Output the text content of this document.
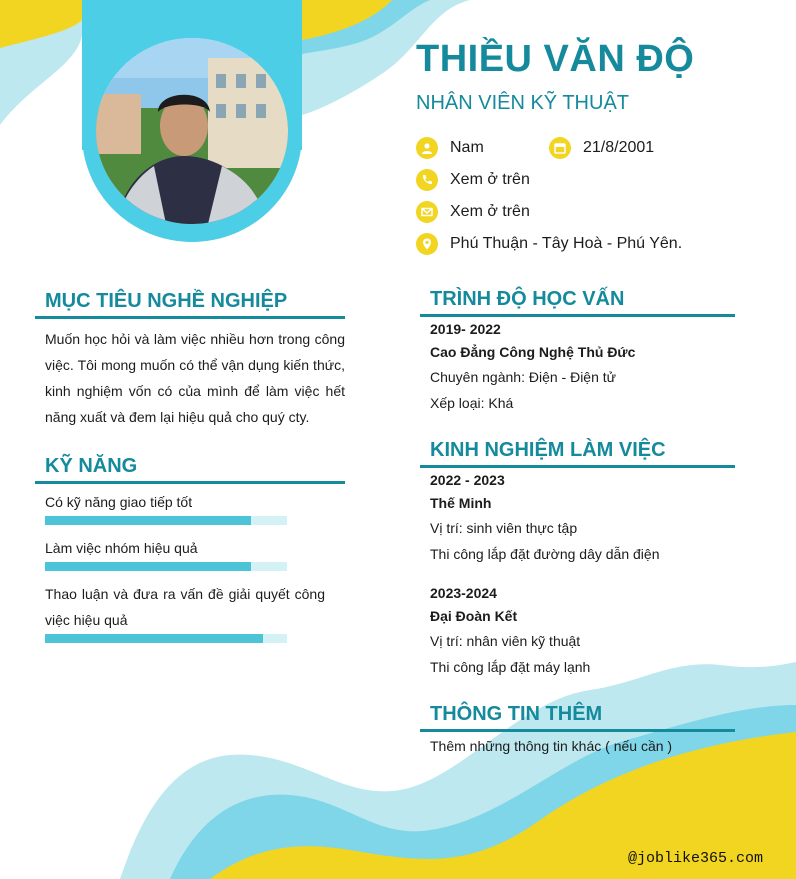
THIỀU VĂN ĐỘ
NHÂN VIÊN KỸ THUẬT
Nam	21/8/2001
Xem ở trên
Xem ở trên
Phú Thuận - Tây Hoà - Phú Yên.
MỤC TIÊU NGHỀ NGHIỆP
Muốn học hỏi và làm việc nhiều hơn trong công việc. Tôi mong muốn có thể vận dụng kiến thức, kinh nghiệm vốn có của mình để làm việc hết năng xuất và đem lại hiệu quả cho quý cty.
KỸ NĂNG
Có kỹ năng giao tiếp tốt
Làm việc nhóm hiệu quả
Thao luận và đưa ra vấn đề giải quyết công việc hiệu quả
TRÌNH ĐỘ HỌC VẤN
2019- 2022
Cao Đẳng Công Nghệ Thủ Đức
Chuyên ngành: Điện - Điện tử
Xếp loại: Khá
KINH NGHIỆM LÀM VIỆC
2022 - 2023
Thế Minh
Vị trí: sinh viên thực tập
Thi công lắp đặt đường dây dẫn điện
2023-2024
Đại Đoàn Kết
Vị trí: nhân viên kỹ thuật
Thi công lắp đặt máy lạnh
THÔNG TIN THÊM
Thêm những thông tin khác ( nếu cần )
@joblike365.com
